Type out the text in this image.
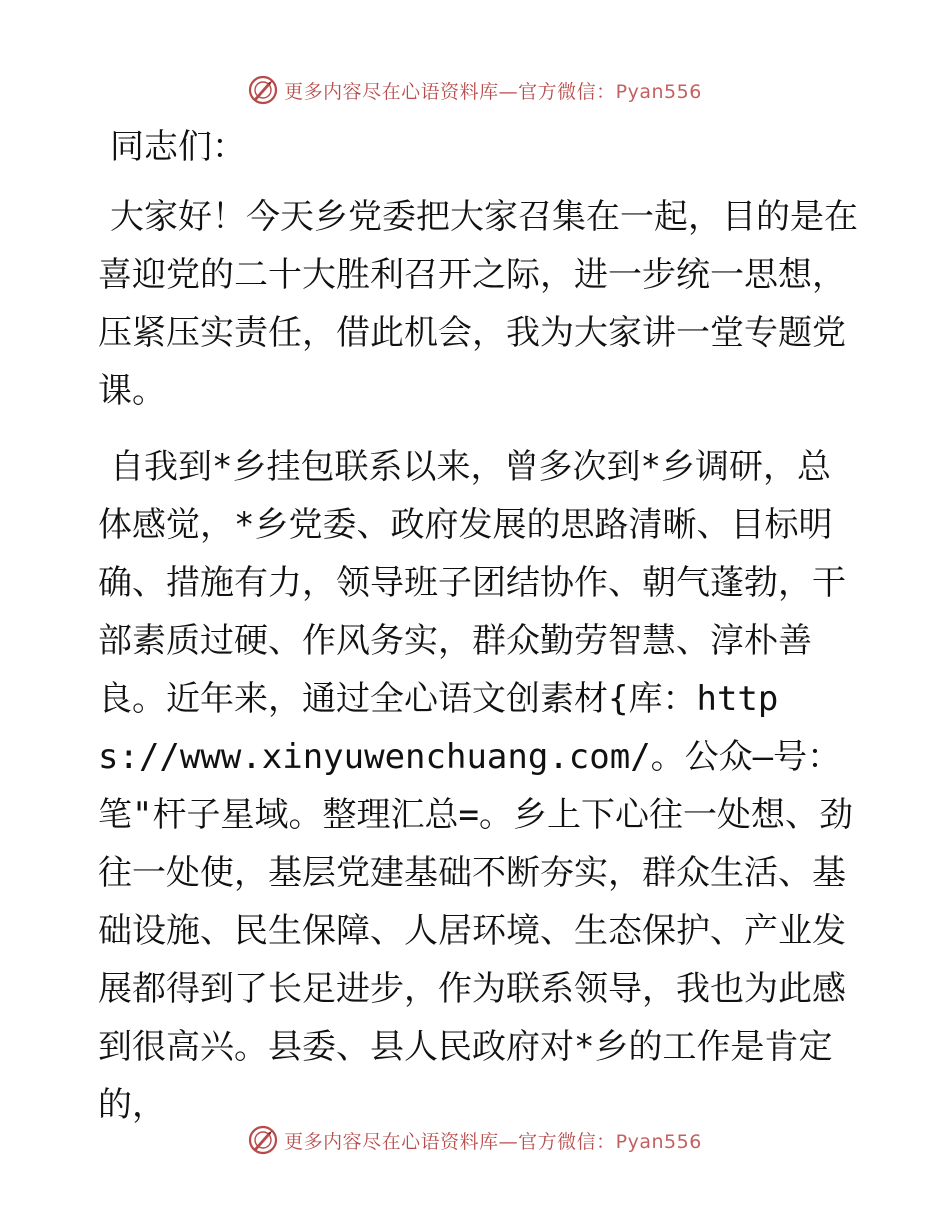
更多内容尽在心语资料库—官方微信：Pyan556
同志们：
大家好！今天乡党委把大家召集在一起，目的是在喜迎党的二十大胜利召开之际，进一步统一思想，压紧压实责任，借此机会，我为大家讲一堂专题党课。
自我到*乡挂包联系以来，曾多次到*乡调研，总体感觉，*乡党委、政府发展的思路清晰、目标明确、措施有力，领导班子团结协作、朝气蓬勃，干部素质过硬、作风务实，群众勤劳智慧、淳朴善良。近年来，通过全心语文创素材{库：https://www.xinyuwenchuang.com/。公众—号：笔"杆子星域。整理汇总=。乡上下心往一处想、劲往一处使，基层党建基础不断夯实，群众生活、基础设施、民生保障、人居环境、生态保护、产业发展都得到了长足进步，作为联系领导，我也为此感到很高兴。县委、县人民政府对*乡的工作是肯定的，
更多内容尽在心语资料库—官方微信：Pyan556
